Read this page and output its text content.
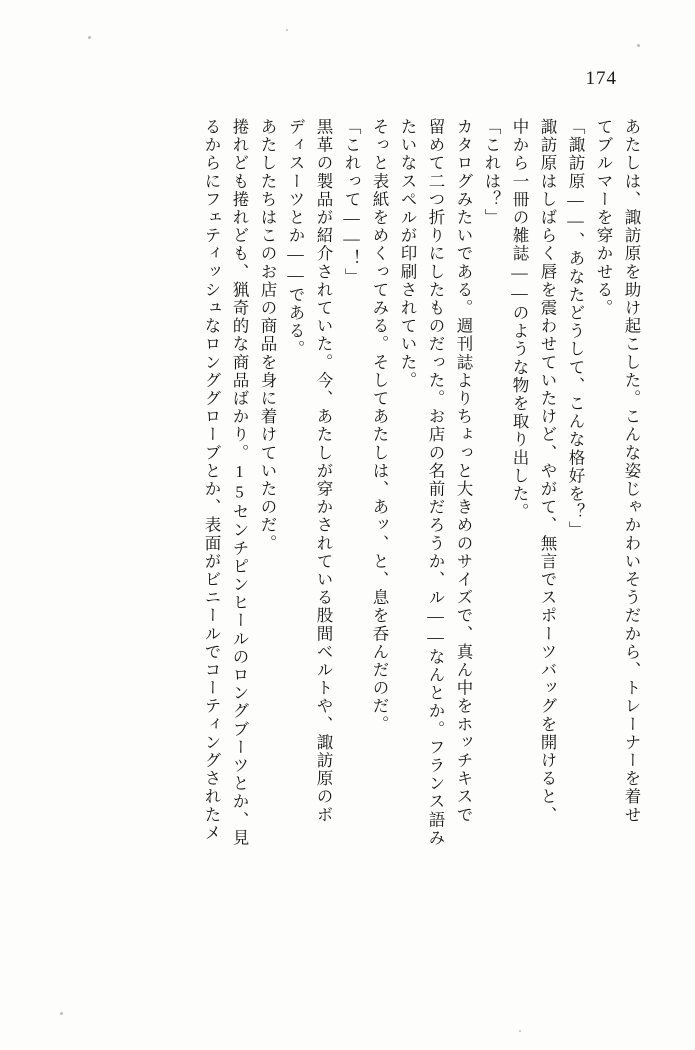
174
あたしは、諏訪原を助け起こした。こんな姿じゃかわいそうだから、トレーナーを着せ
てブルマーを穿かせる。
「諏訪原――、あなたどうして、こんな格好を？」
諏訪原はしばらく唇を震わせていたけど、やがて、無言でスポーツバッグを開けると、
中から一冊の雑誌――のような物を取り出した。
「これは？」
カタログみたいである。週刊誌よりちょっと大きめのサイズで、真ん中をホッチキスで
留めて二つ折りにしたものだった。お店の名前だろうか、ル――なんとか。フランス語み
たいなスペルが印刷されていた。
そっと表紙をめくってみる。そしてあたしは、あッ、と、息を呑んだのだ。
「これって――！」
黒革の製品が紹介されていた。今、あたしが穿かされている股間ベルトや、諏訪原のボ
ディスーツとか――である。
あたしたちはこのお店の商品を身に着けていたのだ。
捲れども捲れども、猟奇的な商品ばかり。15センチピンヒールのロングブーツとか、見
るからにフェティッシュなロンググローブとか、表面がビニールでコーティングされたメ
